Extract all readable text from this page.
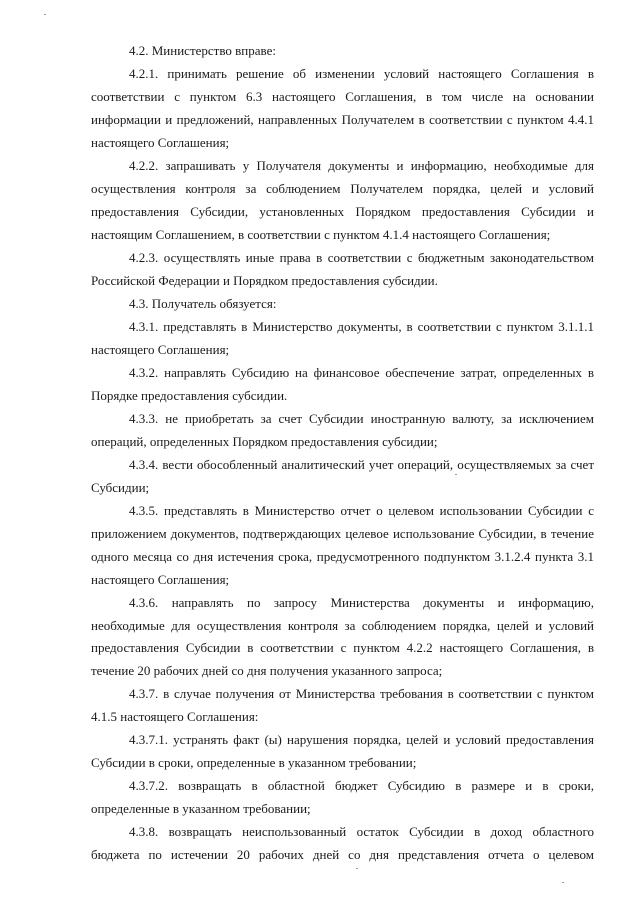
4.2. Министерство вправе:

4.2.1. принимать решение об изменении условий настоящего Соглашения в соответствии с пунктом 6.3 настоящего Соглашения, в том числе на основании информации и предложений, направленных Получателем в соответствии с пунктом 4.4.1 настоящего Соглашения;

4.2.2. запрашивать у Получателя документы и информацию, необходимые для осуществления контроля за соблюдением Получателем порядка, целей и условий предоставления Субсидии, установленных Порядком предоставления Субсидии и настоящим Соглашением, в соответствии с пунктом 4.1.4 настоящего Соглашения;

4.2.3. осуществлять иные права в соответствии с бюджетным законодательством Российской Федерации и Порядком предоставления субсидии.

4.3. Получатель обязуется:

4.3.1. представлять в Министерство документы, в соответствии с пунктом 3.1.1.1 настоящего Соглашения;

4.3.2. направлять Субсидию на финансовое обеспечение затрат, определенных в Порядке предоставления субсидии.

4.3.3. не приобретать за счет Субсидии иностранную валюту, за исключением операций, определенных Порядком предоставления субсидии;

4.3.4. вести обособленный аналитический учет операций, осуществляемых за счет Субсидии;

4.3.5. представлять в Министерство отчет о целевом использовании Субсидии с приложением документов, подтверждающих целевое использование Субсидии, в течение одного месяца со дня истечения срока, предусмотренного подпунктом 3.1.2.4 пункта 3.1 настоящего Соглашения;

4.3.6. направлять по запросу Министерства документы и информацию, необходимые для осуществления контроля за соблюдением порядка, целей и условий предоставления Субсидии в соответствии с пунктом 4.2.2 настоящего Соглашения, в течение 20 рабочих дней со дня получения указанного запроса;

4.3.7. в случае получения от Министерства требования в соответствии с пунктом 4.1.5 настоящего Соглашения:

4.3.7.1. устранять факт (ы) нарушения порядка, целей и условий предоставления Субсидии в сроки, определенные в указанном требовании;

4.3.7.2. возвращать в областной бюджет Субсидию в размере и в сроки, определенные в указанном требовании;

4.3.8. возвращать неиспользованный остаток Субсидии в доход областного бюджета по истечении 20 рабочих дней со дня представления отчета о целевом
